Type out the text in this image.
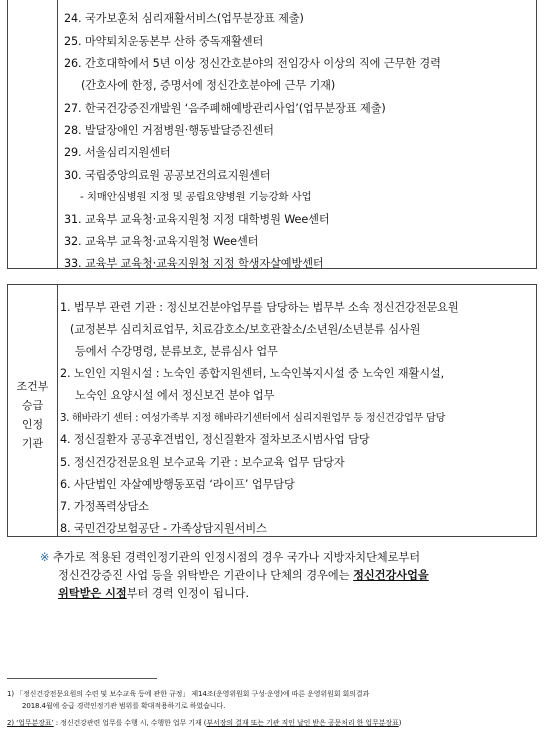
24. 국가보훈처 심리재활서비스(업무분장표 제출)
25. 마약퇴치운동본부 산하 중독재활센터
26. 간호대학에서 5년 이상 정신간호분야의 전임강사 이상의 직에 근무한 경력
(간호사에 한정, 증명서에 정신간호분야에 근무 기재)
27. 한국건강증진개발원 ‘음주폐해예방관리사업’(업무분장표 제출)
28. 발달장애인 거점병원·행동발달증진센터
29. 서울심리지원센터
30. 국립중앙의료원 공공보건의료지원센터
- 치매안심병원 지정 및 공립요양병원 기능강화 사업
31. 교육부 교육청·교육지원청 지정 대학병원 Wee센터
32. 교육부 교육청·교육지원청 Wee센터
33. 교육부 교육청·교육지원청 지정 학생자살예방센터
조건부
승급
인정
기관
1. 법무부 관련 기관 : 정신보건분야업무를 담당하는 법무부 소속 정신건강전문요원
(교정본부 심리치료업무, 치료감호소/보호관찰소/소년원/소년분류 심사원
등에서 수강명령, 분류보호, 분류심사 업무
2. 노인인 지원시설 : 노숙인 종합지원센터, 노숙인복지시설 중 노숙인 재활시설,
노숙인 요양시설 에서 정신보건 분야 업무
3. 해바라기 센터 : 여성가족부 지정 해바라기센터에서 심리지원업무 등 정신건강업무 담당
4. 정신질환자 공공후견법인, 정신질환자 절차보조시범사업 담당
5. 정신건강전문요원 보수교육 기관 : 보수교육 업무 담당자
6. 사단법인 자살예방행동포럼 ‘라이프’ 업무담당
7. 가정폭력상담소
8. 국민건강보험공단 - 가족상담지원서비스
※ 추가로 적용된 경력인정기관의 인정시점의 경우 국가나 지방자치단체로부터
정신건강증진 사업 등을 위탁받은 기관이나 단체의 경우에는 정신건강사업을
위탁받은 시점부터 경력 인정이 됩니다.
1) 「정신건강전문요원의 수련 및 보수교육 등에 관한 규정」 제14조(운영위원회 구성·운영)에 따른 운영위원회 회의결과
2018.4월에 승급 경력인정기관 범위를 확대적용하기로 하였습니다.
2) ‘업무분장표’ : 정신건강관련 업무를 수행 시, 수행한 업무 기재 (부서장의 결재 또는 기관 직인 날인 받은 공문처리 한 업무분장표)
